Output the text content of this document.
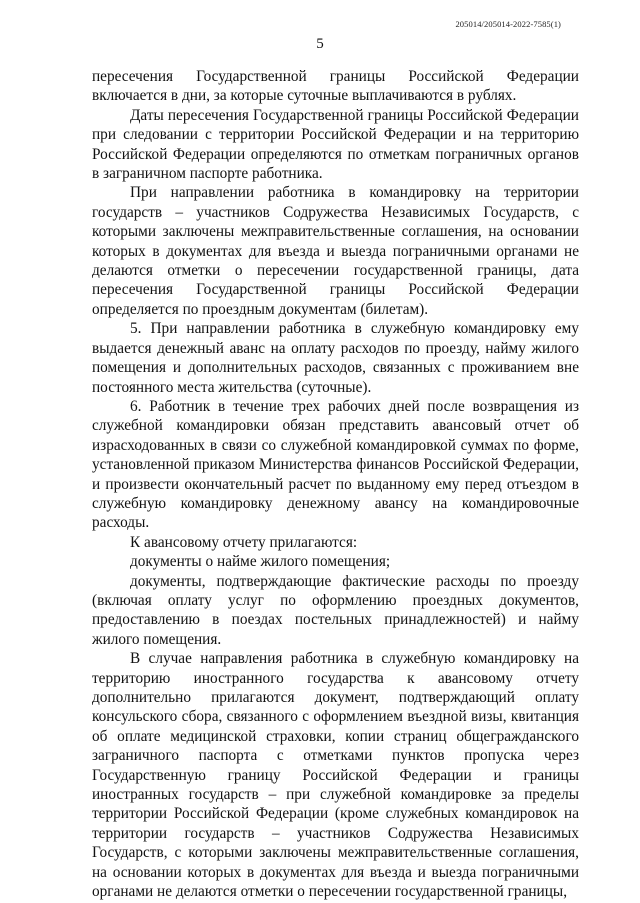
205014/205014-2022-7585(1)
5

пересечения Государственной границы Российской Федерации включается в дни, за которые суточные выплачиваются в рублях.

Даты пересечения Государственной границы Российской Федерации при следовании с территории Российской Федерации и на территорию Российской Федерации определяются по отметкам пограничных органов в заграничном паспорте работника.

При направлении работника в командировку на территории государств – участников Содружества Независимых Государств, с которыми заключены межправительственные соглашения, на основании которых в документах для въезда и выезда пограничными органами не делаются отметки о пересечении государственной границы, дата пересечения Государственной границы Российской Федерации определяется по проездным документам (билетам).

5. При направлении работника в служебную командировку ему выдается денежный аванс на оплату расходов по проезду, найму жилого помещения и дополнительных расходов, связанных с проживанием вне постоянного места жительства (суточные).

6. Работник в течение трех рабочих дней после возвращения из служебной командировки обязан представить авансовый отчет об израсходованных в связи со служебной командировкой суммах по форме, установленной приказом Министерства финансов Российской Федерации, и произвести окончательный расчет по выданному ему перед отъездом в служебную командировку денежному авансу на командировочные расходы.

К авансовому отчету прилагаются:

документы о найме жилого помещения;

документы, подтверждающие фактические расходы по проезду (включая оплату услуг по оформлению проездных документов, предоставлению в поездах постельных принадлежностей) и найму жилого помещения.

В случае направления работника в служебную командировку на территорию иностранного государства к авансовому отчету дополнительно прилагаются документ, подтверждающий оплату консульского сбора, связанного с оформлением въездной визы, квитанция об оплате медицинской страховки, копии страниц общегражданского заграничного паспорта с отметками пунктов пропуска через Государственную границу Российской Федерации и границы иностранных государств – при служебной командировке за пределы территории Российской Федерации (кроме служебных командировок на территории государств – участников Содружества Независимых Государств, с которыми заключены межправительственные соглашения, на основании которых в документах для въезда и выезда пограничными органами не делаются отметки о пересечении государственной границы,
